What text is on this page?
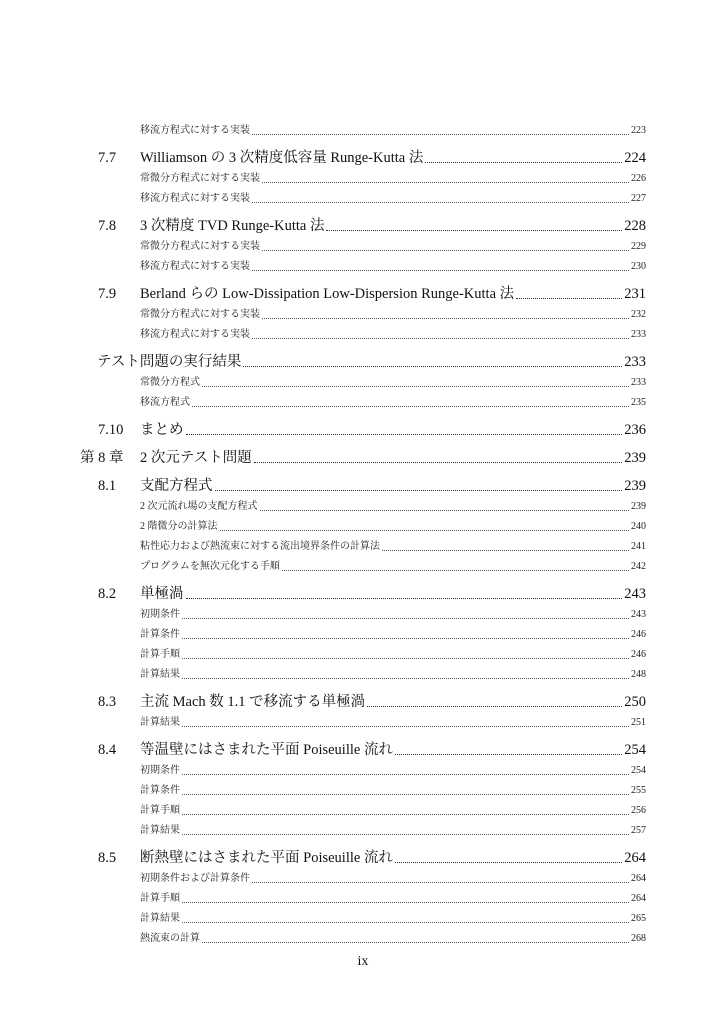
移流方程式に対する実装	223
7.7 Williamson の 3 次精度低容量 Runge-Kutta 法	224
常微分方程式に対する実装	226
移流方程式に対する実装	227
7.8 3 次精度 TVD Runge-Kutta 法	228
常微分方程式に対する実装	229
移流方程式に対する実装	230
7.9 Berland らの Low-Dissipation Low-Dispersion Runge-Kutta 法	231
常微分方程式に対する実装	232
移流方程式に対する実装	233
テスト問題の実行結果	233
常微分方程式	233
移流方程式	235
7.10 まとめ	236
第 8 章 2 次元テスト問題	239
8.1 支配方程式	239
2 次元流れ場の支配方程式	239
2 階微分の計算法	240
粘性応力および熱流束に対する流出境界条件の計算法	241
プログラムを無次元化する手順	242
8.2 単極渦	243
初期条件	243
計算条件	246
計算手順	246
計算結果	248
8.3 主流 Mach 数 1.1 で移流する単極渦	250
計算結果	251
8.4 等温壁にはさまれた平面 Poiseuille 流れ	254
初期条件	254
計算条件	255
計算手順	256
計算結果	257
8.5 断熱壁にはさまれた平面 Poiseuille 流れ	264
初期条件および計算条件	264
計算手順	264
計算結果	265
熱流束の計算	268
ix
